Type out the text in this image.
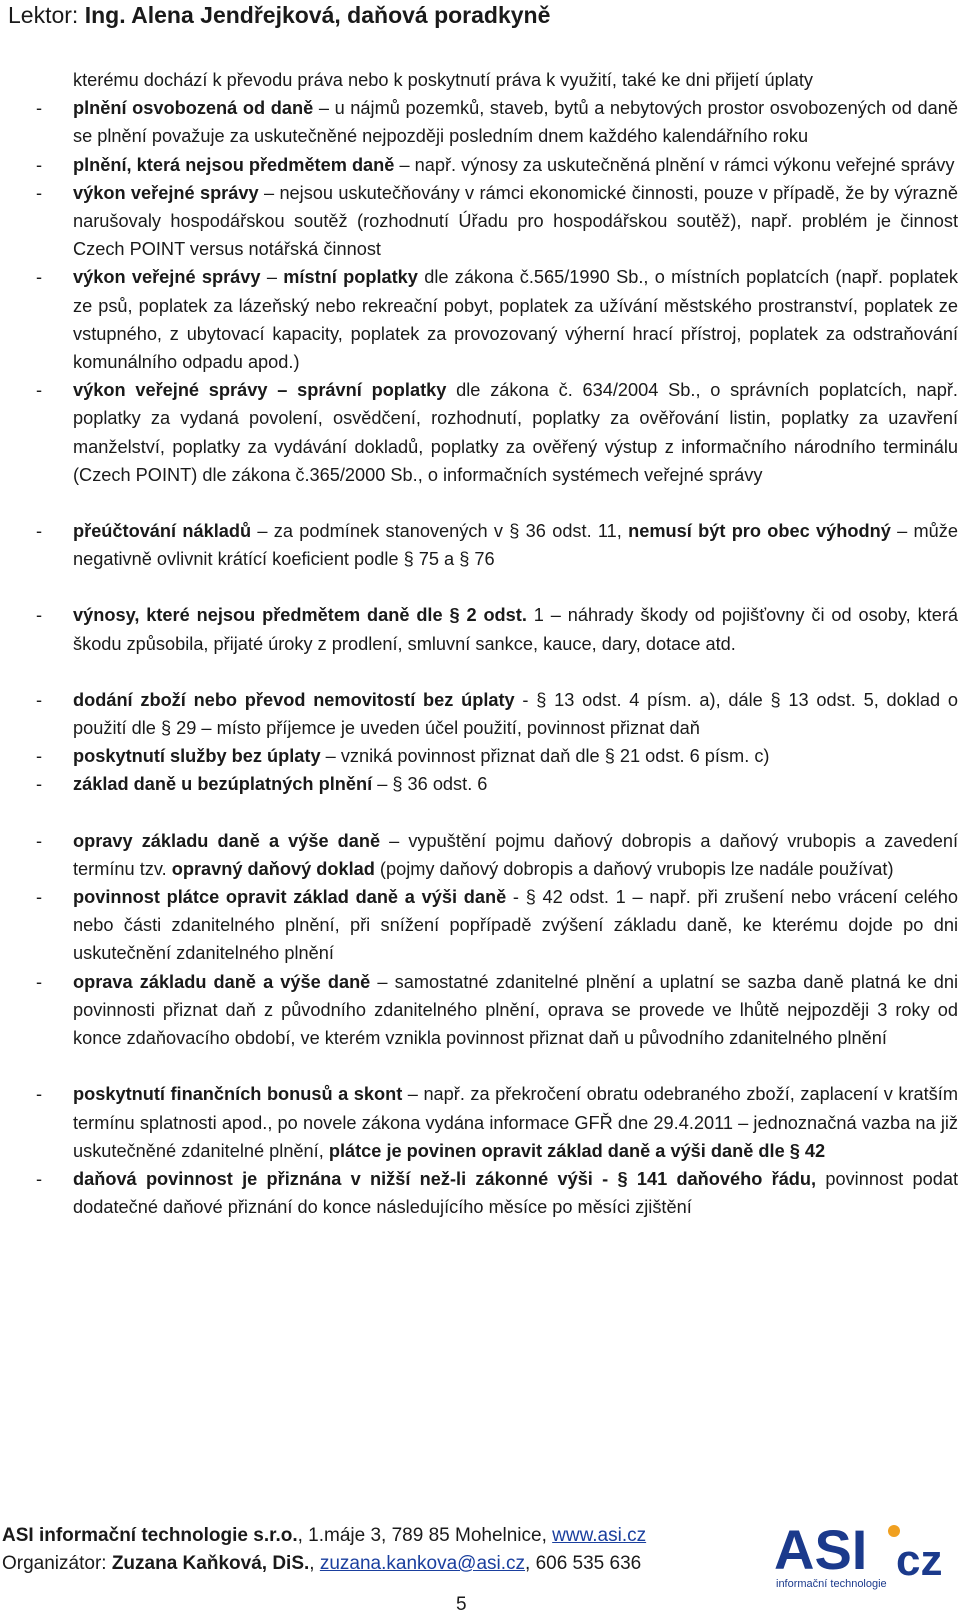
Lektor: Ing. Alena Jendřejková, daňová poradkyně
kterému dochází k převodu práva nebo k poskytnutí práva k využití, také ke dni přijetí úplaty
-	plnění osvobozená od daně – u nájmů pozemků, staveb, bytů a nebytových prostor osvobozených od daně se plnění považuje za uskutečněné nejpozději posledním dnem každého kalendářního roku
-	plnění, která nejsou předmětem daně – např. výnosy za uskutečněná plnění v rámci výkonu veřejné správy
-	výkon veřejné správy – nejsou uskutečňovány v rámci ekonomické činnosti, pouze v případě, že by výrazně narušovaly hospodářskou soutěž (rozhodnutí Úřadu pro hospodářskou soutěž), např. problém je činnost Czech POINT versus notářská činnost
-	výkon veřejné správy – místní poplatky dle zákona č.565/1990 Sb., o místních poplatcích (např. poplatek ze psů, poplatek za lázeňský nebo rekreační pobyt, poplatek za užívání městského prostranství, poplatek ze vstupného, z ubytovací kapacity, poplatek za provozovaný výherní hrací přístroj, poplatek za odstraňování komunálního odpadu apod.)
-	výkon veřejné správy – správní poplatky dle zákona č. 634/2004 Sb., o správních poplatcích, např. poplatky za vydaná povolení, osvědčení, rozhodnutí, poplatky za ověřování listin, poplatky za uzavření manželství, poplatky za vydávání dokladů, poplatky za ověřený výstup z informačního národního terminálu (Czech POINT) dle zákona č.365/2000 Sb., o informačních systémech veřejné správy
-	přeúčtování nákladů – za podmínek stanovených v § 36 odst. 11, nemusí být pro obec výhodný – může negativně ovlivnit krátící koeficient podle § 75 a § 76
-	výnosy, které nejsou předmětem daně dle § 2 odst. 1 – náhrady škody od pojišťovny či od osoby, která škodu způsobila, přijaté úroky z prodlení, smluvní sankce, kauce, dary, dotace atd.
-	dodání zboží nebo převod nemovitostí bez úplaty - § 13 odst. 4 písm. a), dále § 13 odst. 5, doklad o použití dle § 29 – místo příjemce je uveden účel použití, povinnost přiznat daň
-	poskytnutí služby bez úplaty – vzniká povinnost přiznat daň dle § 21 odst. 6 písm. c)
-	základ daně u bezúplatných plnění – § 36 odst. 6
-	opravy základu daně a výše daně – vypuštění pojmu daňový dobropis a daňový vrubopis a zavedení termínu tzv. opravný daňový doklad (pojmy daňový dobropis a daňový vrubopis lze nadále používat)
-	povinnost plátce opravit základ daně a výši daně - § 42 odst. 1 – např. při zrušení nebo vrácení celého nebo části zdanitelného plnění, při snížení popřípadě zvýšení základu daně, ke kterému dojde po dni uskutečnění zdanitelného plnění
-	oprava základu daně a výše daně – samostatné zdanitelné plnění a uplatní se sazba daně platná ke dni povinnosti přiznat daň z původního zdanitelného plnění, oprava se provede ve lhůtě nejpozději 3 roky od konce zdaňovacího období, ve kterém vznikla povinnost přiznat daň u původního zdanitelného plnění
-	poskytnutí finančních bonusů a skont – např. za překročení obratu odebraného zboží, zaplacení v kratším termínu splatnosti apod., po novele zákona vydána informace GFŘ dne 29.4.2011 – jednoznačná vazba na již uskutečněné zdanitelné plnění, plátce je povinen opravit základ daně a výši daně dle § 42
-	daňová povinnost je přiznána v nižší než-li zákonné výši - § 141 daňového řádu, povinnost podat dodatečné daňové přiznání do konce následujícího měsíce po měsíci zjištění
ASI informační technologie s.r.o., 1.máje 3, 789 85 Mohelnice, www.asi.cz
Organizátor: Zuzana Kaňková, DiS., zuzana.kankova@asi.cz, 606 535 636
5
ASI cz
informační technologie
